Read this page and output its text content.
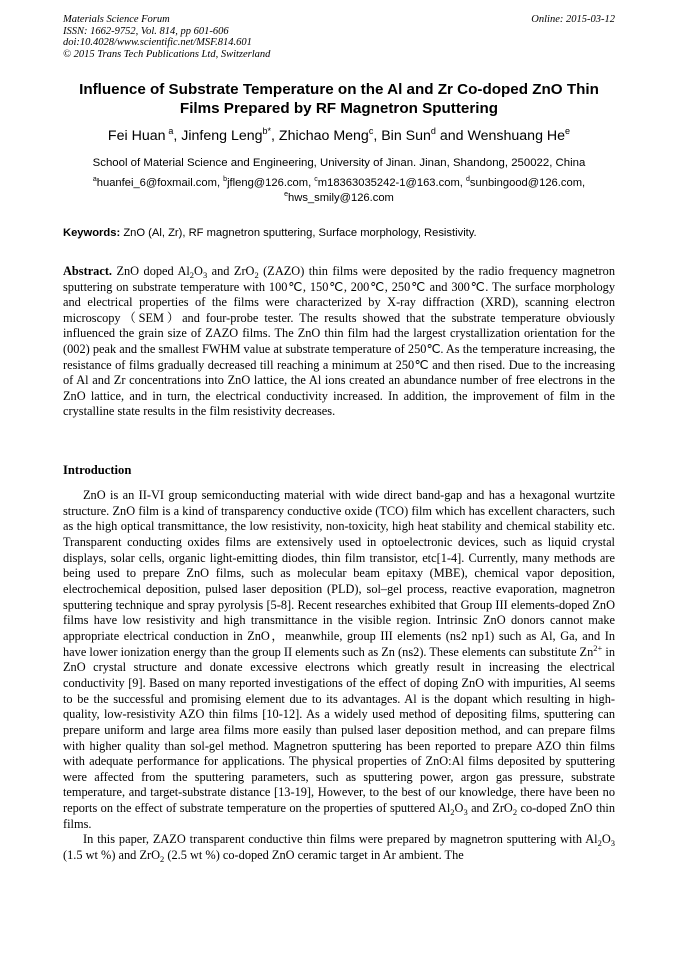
Materials Science Forum
ISSN: 1662-9752, Vol. 814, pp 601-606
doi:10.4028/www.scientific.net/MSF.814.601
© 2015 Trans Tech Publications Ltd, Switzerland
Online: 2015-03-12
Influence of Substrate Temperature on the Al and Zr Co-doped ZnO Thin Films Prepared by RF Magnetron Sputtering
Fei Huan  $^a$, Jinfeng Leng$^{b*}$, Zhichao Meng$^c$, Bin Sun$^d$ and Wenshuang He$^e$
School of Material Science and Engineering, University of Jinan. Jinan, Shandong, 250022, China
$^a$huanfei_6@foxmail.com, $^b$jfleng@126.com, $^c$m18363035242-1@163.com, $^d$sunbingood@126.com,
$^e$hws_smily@126.com
Keywords: ZnO (Al, Zr), RF magnetron sputtering, Surface morphology, Resistivity.
Abstract. ZnO doped $Al_2O_3$ and ZrO$_2$ (ZAZO) thin films were deposited by the radio frequency magnetron sputtering on substrate temperature with 100℃, 150℃, 200℃, 250℃ and 300℃. The surface morphology and electrical properties of the films were characterized by X-ray diffraction (XRD), scanning electron microscopy（SEM）and four-probe tester. The results showed that the substrate temperature obviously influenced the grain size of ZAZO films. The ZnO thin film had the largest crystallization orientation for the (002) peak and the smallest FWHM value at substrate temperature of 250℃. As the temperature increasing, the resistance of films gradually decreased till reaching a minimum at 250℃ and then rised. Due to the increasing of Al and Zr concentrations into ZnO lattice, the Al ions created an abundance number of free electrons in the ZnO lattice, and in turn, the electrical conductivity increased. In addition, the improvement of film in the crystalline state results in the film resistivity decreases.
Introduction

ZnO is an II-VI group semiconducting material with wide direct band-gap and has a hexagonal wurtzite structure. ZnO film is a kind of transparency conductive oxide (TCO) film which has excellent characters, such as the high optical transmittance, the low resistivity, non-toxicity, high heat stability and chemical stability etc. Transparent conducting oxides films are extensively used in optoelectronic devices, such as liquid crystal displays, solar cells, organic light-emitting diodes, thin film transistor, etc[1-4]. Currently, many methods are being used to prepare ZnO films, such as molecular beam epitaxy (MBE), chemical vapor deposition, electrochemical deposition, pulsed laser deposition (PLD), sol–gel process, reactive evaporation, magnetron sputtering technique and spray pyrolysis [5-8]. Recent researches exhibited that Group III elements-doped ZnO films have low resistivity and high transmittance in the visible region. Intrinsic ZnO donors cannot make appropriate electrical conduction in ZnO，meanwhile, group III elements (ns2 np1) such as Al, Ga, and In have lower ionization energy than the group II elements such as Zn (ns2). These elements can substitute $Zn^{2+}$ in ZnO crystal structure and donate excessive electrons which greatly result in increasing the electrical conductivity [9]. Based on many reported investigations of the effect of doping ZnO with impurities, Al seems to be the successful and promising element due to its advantages. Al is the dopant which resulting in high-quality, low-resistivity AZO thin films [10-12]. As a widely used method of depositing films, sputtering can prepare uniform and large area films more easily than pulsed laser deposition method, and can prepare films with higher quality than sol-gel method. Magnetron sputtering has been reported to prepare AZO thin films with adequate performance for applications. The physical properties of ZnO:Al films deposited by sputtering were affected from the sputtering parameters, such as sputtering power, argon gas pressure, substrate temperature, and target-substrate distance [13-19], However, to the best of our knowledge, there have been no reports on the effect of substrate temperature on the properties of sputtered $Al_2O_3$ and ZrO$_2$ co-doped ZnO thin films.

In this paper, ZAZO transparent conductive thin films were prepared by magnetron sputtering with $Al_2O_3$ (1.5 wt %) and ZrO$_2$ (2.5 wt %) co-doped ZnO ceramic target in Ar ambient. The
